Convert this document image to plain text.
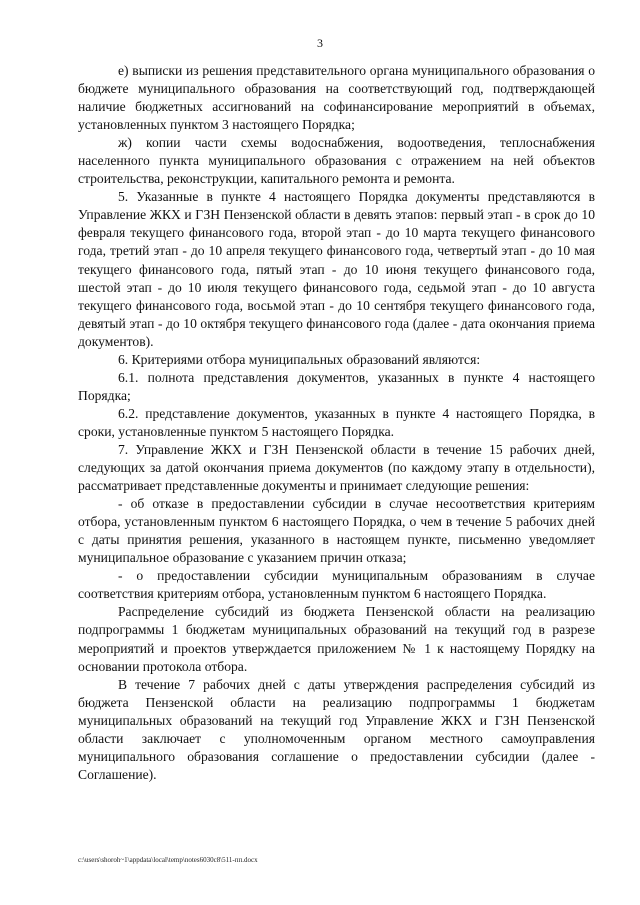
3

е) выписки из решения представительного органа муниципального образования о бюджете муниципального образования на соответствующий год, подтверждающей наличие бюджетных ассигнований на софинансирование мероприятий в объемах, установленных пунктом 3 настоящего Порядка;

ж) копии части схемы водоснабжения, водоотведения, теплоснабжения населенного пункта муниципального образования с отражением на ней объектов строительства, реконструкции, капитального ремонта и ремонта.

5. Указанные в пункте 4 настоящего Порядка документы представляются в Управление ЖКХ и ГЗН Пензенской области в девять этапов: первый этап - в срок до 10 февраля текущего финансового года, второй этап - до 10 марта текущего финансового года, третий этап - до 10 апреля текущего финансового года, четвертый этап - до 10 мая текущего финансового года, пятый этап - до 10 июня текущего финансового года, шестой этап - до 10 июля текущего финансового года, седьмой этап - до 10 августа текущего финансового года, восьмой этап - до 10 сентября текущего финансового года, девятый этап - до 10 октября текущего финансового года (далее - дата окончания приема документов).

6. Критериями отбора муниципальных образований являются:

6.1. полнота представления документов, указанных в пункте 4 настоящего Порядка;

6.2. представление документов, указанных в пункте 4 настоящего Порядка, в сроки, установленные пунктом 5 настоящего Порядка.

7. Управление ЖКХ и ГЗН Пензенской области в течение 15 рабочих дней, следующих за датой окончания приема документов (по каждому этапу в отдельности), рассматривает представленные документы и принимает следующие решения:

- об отказе в предоставлении субсидии в случае несоответствия критериям отбора, установленным пунктом 6 настоящего Порядка, о чем в течение 5 рабочих дней с даты принятия решения, указанного в настоящем пункте, письменно уведомляет муниципальное образование с указанием причин отказа;

- о предоставлении субсидии муниципальным образованиям в случае соответствия критериям отбора, установленным пунктом 6 настоящего Порядка.

Распределение субсидий из бюджета Пензенской области на реализацию подпрограммы 1 бюджетам муниципальных образований на текущий год в разрезе мероприятий и проектов утверждается приложением № 1 к настоящему Порядку на основании протокола отбора.

В течение 7 рабочих дней с даты утверждения распределения субсидий из бюджета Пензенской области на реализацию подпрограммы 1 бюджетам муниципальных образований на текущий год Управление ЖКХ и ГЗН Пензенской области заключает с уполномоченным органом местного самоуправления муниципального образования соглашение о предоставлении субсидии (далее - Соглашение).

c:\users\shoroh~1\appdata\local\temp\notes6030c8\511-пп.docx
